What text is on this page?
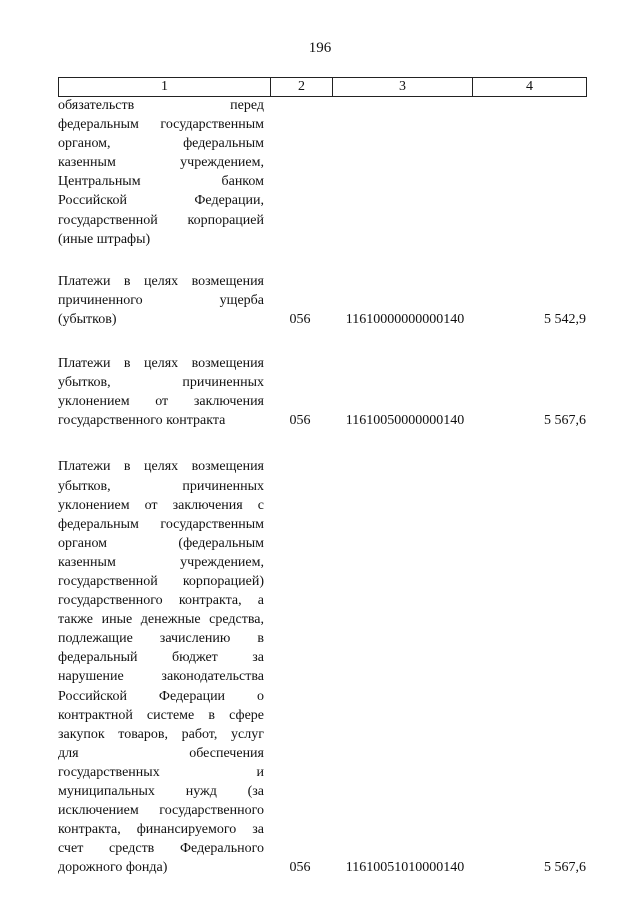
196
1	2	3	4
обязательств перед
федеральным государственным
органом, федеральным
казенным учреждением,
Центральным банком
Российской Федерации,
государственной корпорацией
(иные штрафы)
Платежи в целях возмещения
причиненного ущерба
(убытков)	056	11610000000000140	5 542,9
Платежи в целях возмещения
убытков, причиненных
уклонением от заключения
государственного контракта	056	11610050000000140	5 567,6
Платежи в целях возмещения
убытков, причиненных
уклонением от заключения с
федеральным государственным
органом (федеральным
казенным учреждением,
государственной корпорацией)
государственного контракта, а
также иные денежные средства,
подлежащие зачислению в
федеральный бюджет за
нарушение законодательства
Российской Федерации о
контрактной системе в сфере
закупок товаров, работ, услуг
для обеспечения
государственных и
муниципальных нужд (за
исключением государственного
контракта, финансируемого за
счет средств Федерального
дорожного фонда)	056	11610051010000140	5 567,6
